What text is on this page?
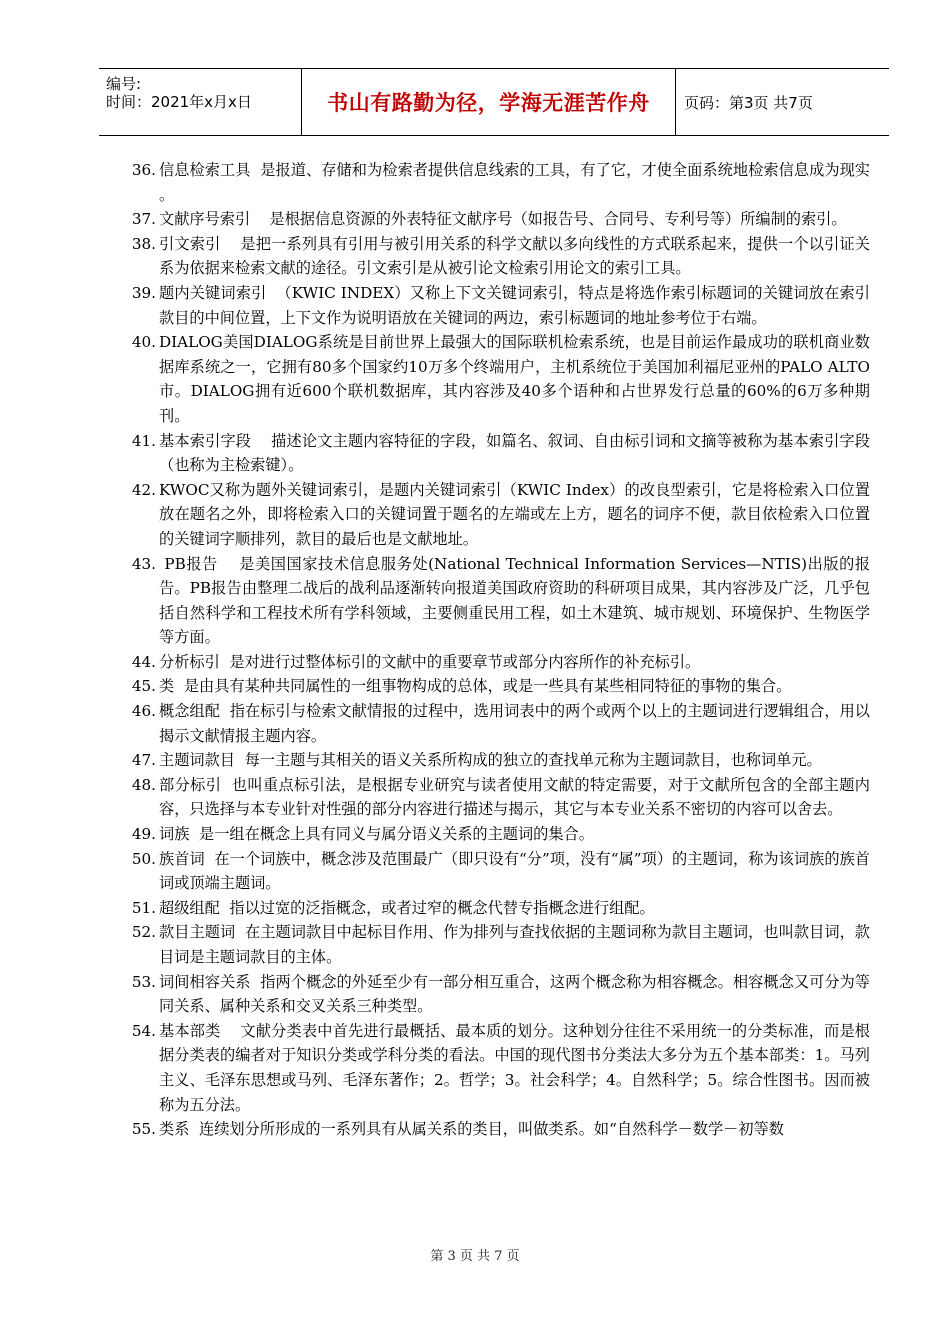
编号:
时间：2021年x月x日	书山有路勤为径，学海无涯苦作舟 页码：第3页 共7页
36. 信息检索工具  是报道、存储和为检索者提供信息线索的工具，有了它，才使全面系统地检索信息成为现实  。
37. 文献序号索引    是根据信息资源的外表特征文献序号（如报告号、合同号、专利号等）所编制的索引。
38. 引文索引    是把一系列具有引用与被引用关系的科学文献以多向线性的方式联系起来，提供一个以引证关系为依据来检索文献的途径。引文索引是从被引论文检索引用论文的索引工具。
39. 题内关键词索引  （KWIC INDEX）又称上下文关键词索引，特点是将选作索引标题词的关键词放在索引款目的中间位置，上下文作为说明语放在关键词的两边，索引标题词的地址参考位于右端。
40. DIALOG美国DIALOG系统是目前世界上最强大的国际联机检索系统，也是目前运作最成功的联机商业数据库系统之一，它拥有80多个国家约10万多个终端用户，主机系统位于美国加利福尼亚州的PALO ALTO市。DIALOG拥有近600个联机数据库，其内容涉及40多个语种和占世界发行总量的60%的6万多种期刊。
41. 基本索引字段    描述论文主题内容特征的字段，如篇名、叙词、自由标引词和文摘等被称为基本索引字段（也称为主检索键）。
42. KWOC又称为题外关键词索引，是题内关键词索引（KWIC Index）的改良型索引，它是将检索入口位置放在题名之外，即将检索入口的关键词置于题名的左端或左上方，题名的词序不便，款目依检索入口位置的关键词字顺排列，款目的最后也是文献地址。
43. PB报告    是美国国家技术信息服务处(National Technical Information Services—NTIS)出版的报告。PB报告由整理二战后的战利品逐渐转向报道美国政府资助的科研项目成果，其内容涉及广泛，几乎包括自然科学和工程技术所有学科领域，主要侧重民用工程，如土木建筑、城市规划、环境保护、生物医学等方面。
44. 分析标引  是对进行过整体标引的文献中的重要章节或部分内容所作的补充标引。
45. 类  是由具有某种共同属性的一组事物构成的总体，或是一些具有某些相同特征的事物的集合。
46. 概念组配  指在标引与检索文献情报的过程中，选用词表中的两个或两个以上的主题词进行逻辑组合，用以揭示文献情报主题内容。
47. 主题词款目  每一主题与其相关的语义关系所构成的独立的查找单元称为主题词款目，也称词单元。
48. 部分标引  也叫重点标引法，是根据专业研究与读者使用文献的特定需要，对于文献所包含的全部主题内容，只选择与本专业针对性强的部分内容进行描述与揭示，其它与本专业关系不密切的内容可以舍去。
49. 词族  是一组在概念上具有同义与属分语义关系的主题词的集合。
50. 族首词  在一个词族中，概念涉及范围最广（即只设有“分”项，没有“属”项）的主题词，称为该词族的族首词或顶端主题词。
51. 超级组配  指以过宽的泛指概念，或者过窄的概念代替专指概念进行组配。
52. 款目主题词  在主题词款目中起标目作用、作为排列与查找依据的主题词称为款目主题词，也叫款目词，款目词是主题词款目的主体。
53. 词间相容关系  指两个概念的外延至少有一部分相互重合，这两个概念称为相容概念。相容概念又可分为等同关系、属种关系和交叉关系三种类型。
54. 基本部类    文献分类表中首先进行最概括、最本质的划分。这种划分往往不采用统一的分类标准，而是根据分类表的编者对于知识分类或学科分类的看法。中国的现代图书分类法大多分为五个基本部类：1。马列主义、毛泽东思想或马列、毛泽东著作；2。哲学；3。社会科学；4。自然科学；5。综合性图书。因而被称为五分法。
55. 类系  连续划分所形成的一系列具有从属关系的类目，叫做类系。如“自然科学－数学－初等数
第 3 页 共 7 页
